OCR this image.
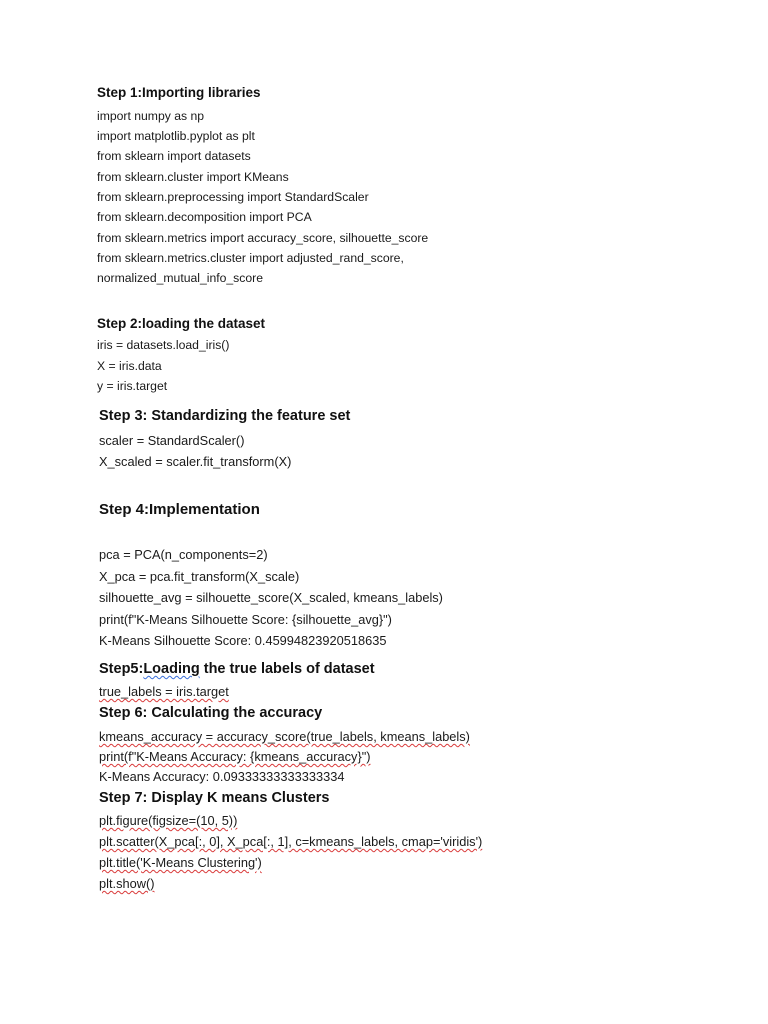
Step 1:Importing libraries
import numpy as np
import matplotlib.pyplot as plt
from sklearn import datasets
from sklearn.cluster import KMeans
from sklearn.preprocessing import StandardScaler
from sklearn.decomposition import PCA
from sklearn.metrics import accuracy_score, silhouette_score
from sklearn.metrics.cluster import adjusted_rand_score,
normalized_mutual_info_score
Step 2:loading the dataset
iris = datasets.load_iris()
X = iris.data
y = iris.target
Step 3: Standardizing the feature set
scaler = StandardScaler()
X_scaled = scaler.fit_transform(X)
Step 4:Implementation
pca = PCA(n_components=2)
X_pca = pca.fit_transform(X_scale)
silhouette_avg = silhouette_score(X_scaled, kmeans_labels)
print(f"K-Means Silhouette Score: {silhouette_avg}")
K-Means Silhouette Score: 0.45994823920518635
Step5:Loading the true labels of dataset
true_labels = iris.target
Step 6: Calculating the accuracy
kmeans_accuracy = accuracy_score(true_labels, kmeans_labels)
print(f"K-Means Accuracy: {kmeans_accuracy}")
K-Means Accuracy: 0.09333333333333334
Step 7: Display K means Clusters
plt.figure(figsize=(10, 5))
plt.scatter(X_pca[:, 0], X_pca[:, 1], c=kmeans_labels, cmap='viridis')
plt.title('K-Means Clustering')
plt.show()
